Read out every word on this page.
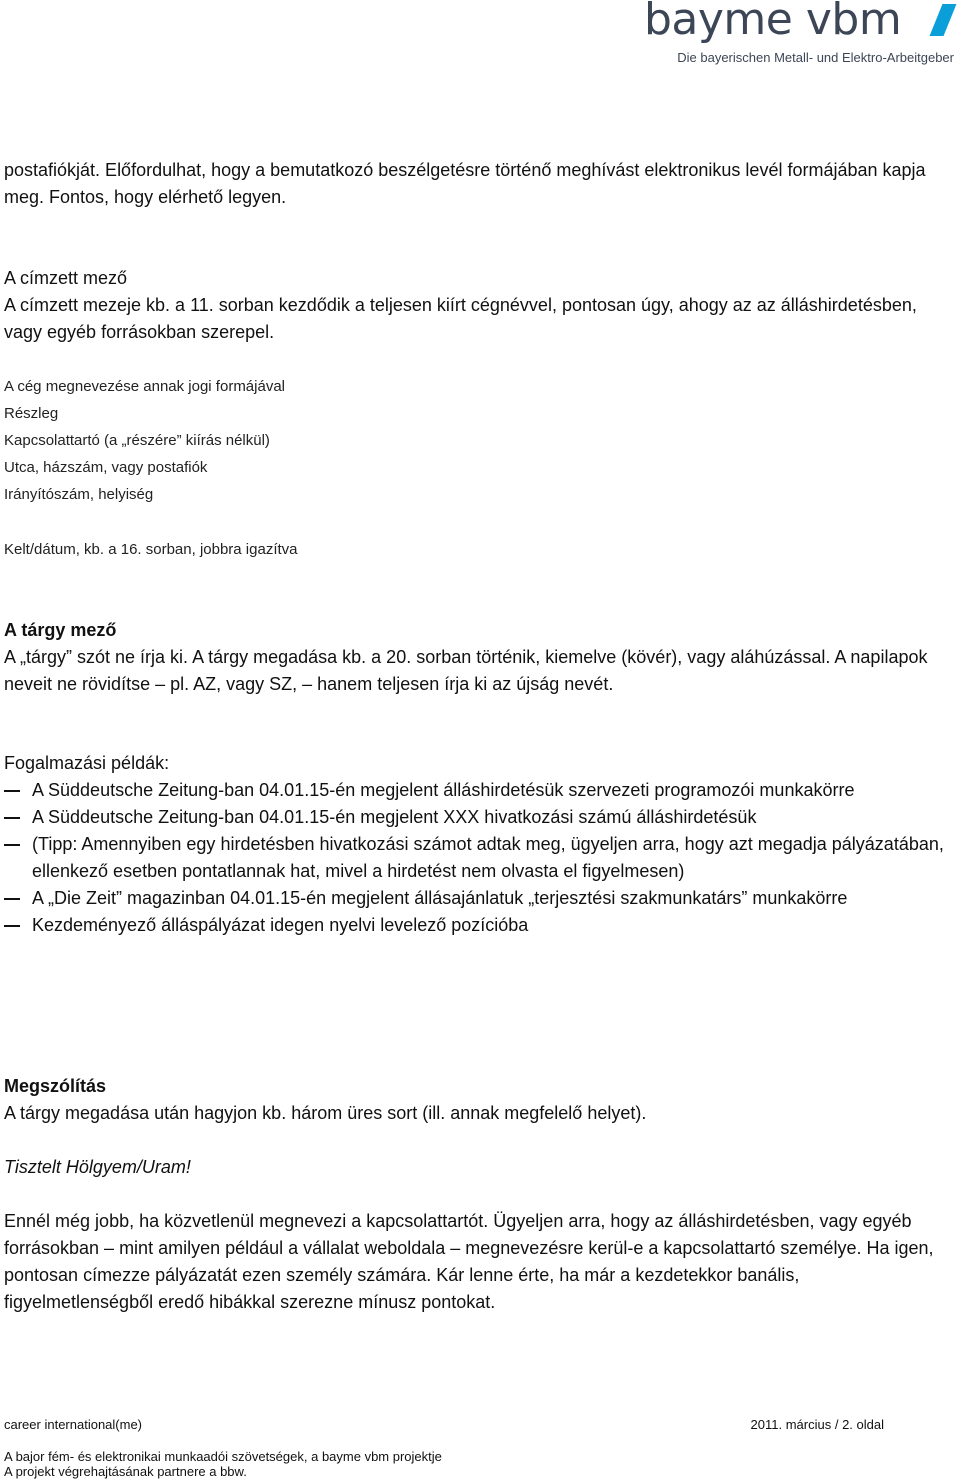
bayme vbm
Die bayerischen Metall- und Elektro-Arbeitgeber

postafiókját. Előfordulhat, hogy a bemutatkozó beszélgetésre történő meghívást elektronikus levél formájában kapja meg. Fontos, hogy elérhető legyen.

A címzett mező

A címzett mezeje kb. a 11. sorban kezdődik a teljesen kiírt cégnévvel, pontosan úgy, ahogy az az álláshirdetésben, vagy egyéb forrásokban szerepel.

A cég megnevezése annak jogi formájával

Részleg

Kapcsolattartó (a „részére” kiírás nélkül)

Utca, házszám, vagy postafiók

Irányítószám, helyiség

Kelt/dátum, kb. a 16. sorban, jobbra igazítva

A tárgy mező

A „tárgy” szót ne írja ki. A tárgy megadása kb. a 20. sorban történik, kiemelve (kövér), vagy aláhúzással. A napilapok neveit ne rövidítse – pl. AZ, vagy SZ, – hanem teljesen írja ki az újság nevét.

Fogalmazási példák:

A Süddeutsche Zeitung-ban 04.01.15-én megjelent álláshirdetésük szervezeti programozói munkakörre
A Süddeutsche Zeitung-ban 04.01.15-én megjelent XXX hivatkozási számú álláshirdetésük
(Tipp: Amennyiben egy hirdetésben hivatkozási számot adtak meg, ügyeljen arra, hogy azt megadja pályázatában, ellenkező esetben pontatlannak hat, mivel a hirdetést nem olvasta el figyelmesen)
A „Die Zeit” magazinban 04.01.15-én megjelent állásajánlatuk „terjesztési szakmunkatárs” munkakörre
Kezdeményező álláspályázat idegen nyelvi levelező pozícióba

Megszólítás

A tárgy megadása után hagyjon kb. három üres sort (ill. annak megfelelő helyet).

Tisztelt Hölgyem/Uram!

Ennél még jobb, ha közvetlenül megnevezi a kapcsolattartót. Ügyeljen arra, hogy az álláshirdetésben, vagy egyéb forrásokban – mint amilyen például a vállalat weboldala – megnevezésre kerül-e a kapcsolattartó személye. Ha igen, pontosan címezze pályázatát ezen személy számára. Kár lenne érte, ha már a kezdetekkor banális, figyelmetlenségből eredő hibákkal szerezne mínusz pontokat.

career international(me)	2011. március / 2. oldal
A bajor fém- és elektronikai munkaadói szövetségek, a bayme vbm projektje
A projekt végrehajtásának partnere a bbw.
